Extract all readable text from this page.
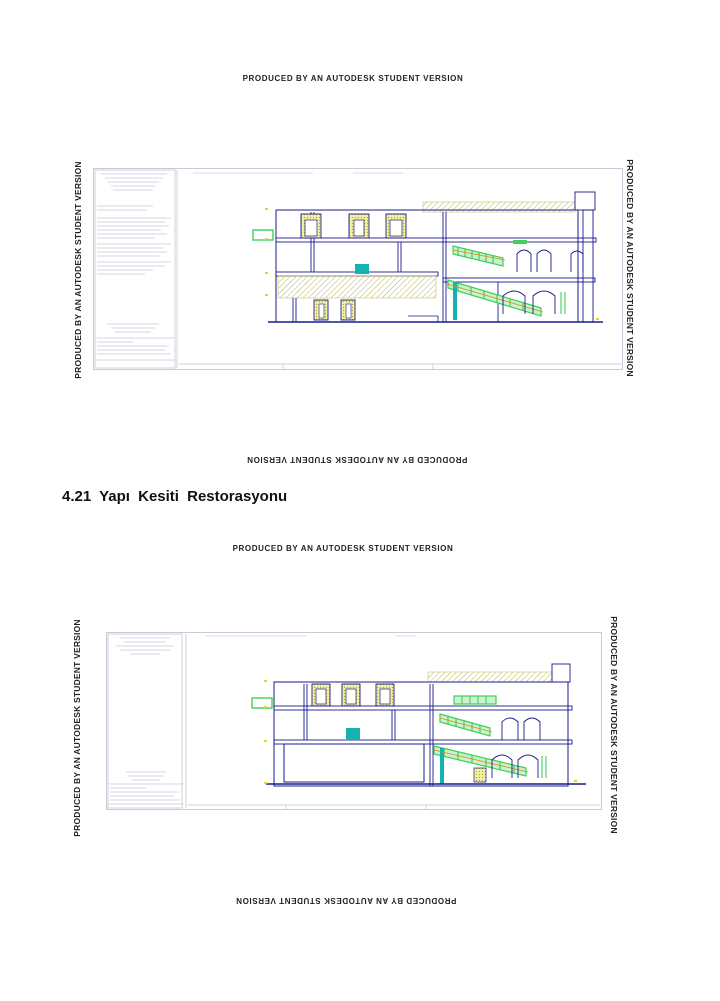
PRODUCED BY AN AUTODESK STUDENT VERSION
PRODUCED BY AN AUTODESK STUDENT VERSION	PRODUCED BY AN AUTODESK STUDENT VERSION
PRODUCED BY AN AUTODESK STUDENT VERSION
4.21 Yapı Kesiti Restorasyonu
PRODUCED BY AN AUTODESK STUDENT VERSION
PRODUCED BY AN AUTODESK STUDENT VERSION	PRODUCED BY AN AUTODESK STUDENT VERSION
PRODUCED BY AN AUTODESK STUDENT VERSION
